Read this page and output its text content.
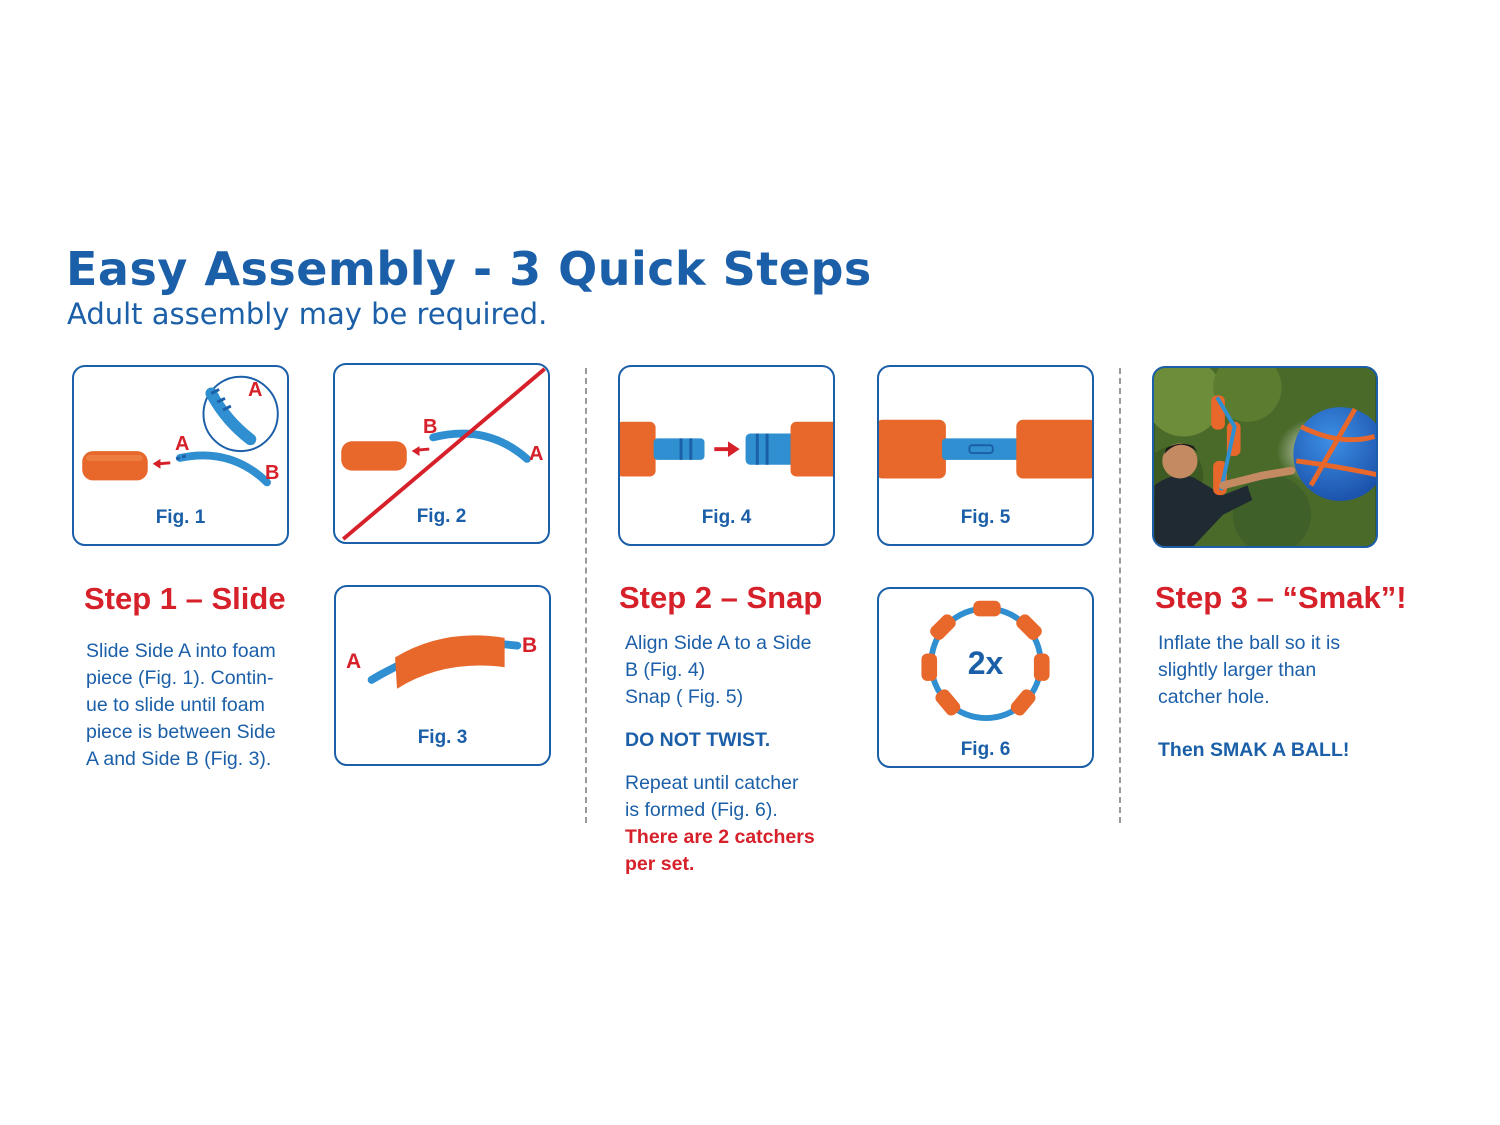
Easy Assembly - 3 Quick Steps
Adult assembly may be required.
A
A
B
Fig. 1
B
A
Fig. 2
A
B
Fig. 3
Step 1 – Slide

Slide Side A into foam

piece (Fig. 1). Contin-

ue to slide until foam

piece is between Side

A and Side B (Fig. 3).

Fig. 4	Fig. 5
2x
Fig. 6
Step 2 – Snap

Align Side A to a Side

B (Fig. 4)

Snap ( Fig. 5)

DO NOT TWIST.

Repeat until catcher

is formed (Fig. 6).

There are 2 catchers

per set.

Step 3 – “Smak”!

Inflate the ball so it is

slightly larger than

catcher hole.

Then SMAK A BALL!
